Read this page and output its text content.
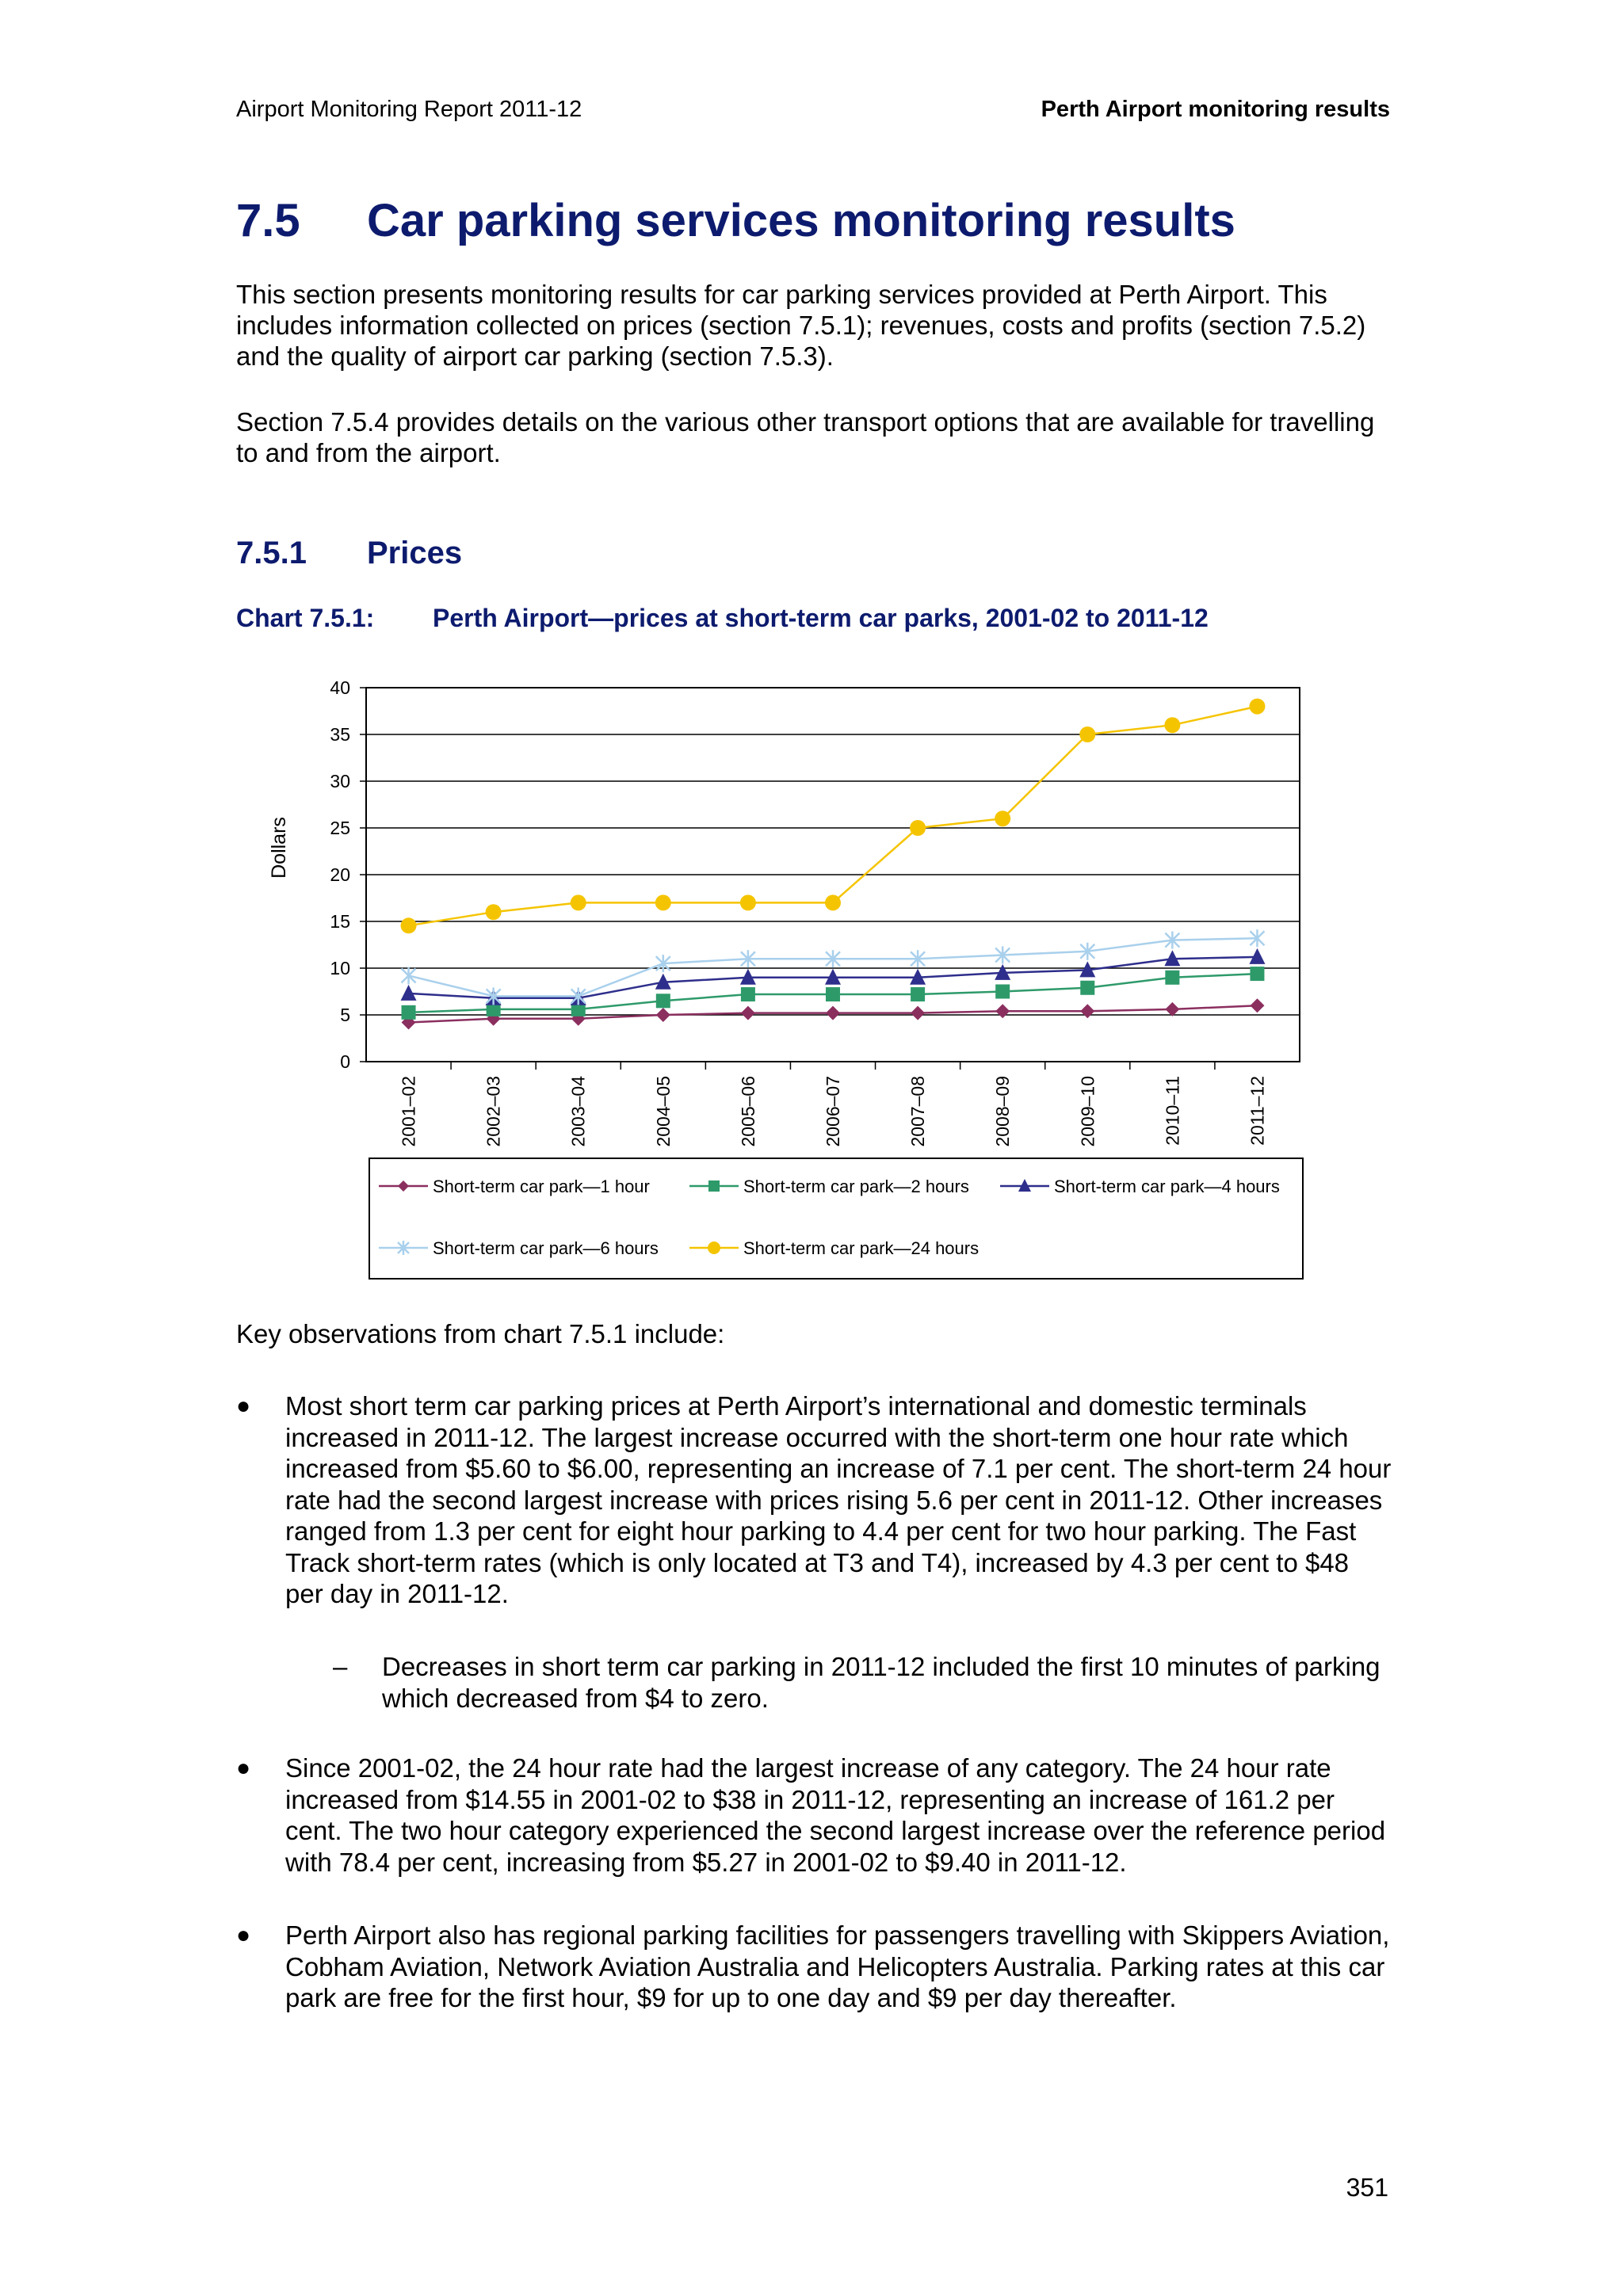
Airport Monitoring Report 2011-12	Perth Airport monitoring results
7.5	Car parking services monitoring results

This section presents monitoring results for car parking services provided at Perth Airport. This includes information collected on prices (section 7.5.1); revenues, costs and profits (section 7.5.2) and the quality of airport car parking (section 7.5.3).

Section 7.5.4 provides details on the various other transport options that are available for travelling to and from the airport.

7.5.1	Prices
Chart 7.5.1:	Perth Airport—prices at short-term car parks, 2001-02 to 2011-12
0
5
10
15
20
25
30
35
40
Dollars
2001–02	2002–03	2003–04	2004–05	2005–06	2006–07	2007–08	2008–09	2009–10	2010–11	2011–12
Short-term car park—1 hour	Short-term car park—2 hours	Short-term car park—4 hours
Short-term car park—6 hours	Short-term car park—24 hours

Key observations from chart 7.5.1 include:

●	Most short term car parking prices at Perth Airport’s international and domestic terminals increased in 2011-12. The largest increase occurred with the short-term one hour rate which increased from $5.60 to $6.00, representing an increase of 7.1 per cent. The short-term 24 hour rate had the second largest increase with prices rising 5.6 per cent in 2011-12. Other increases ranged from 1.3 per cent for eight hour parking to 4.4 per cent for two hour parking. The Fast Track short-term rates (which is only located at T3 and T4), increased by 4.3 per cent to $48 per day in 2011-12.

–	Decreases in short term car parking in 2011-12 included the first 10 minutes of parking which decreased from $4 to zero.

●	Since 2001-02, the 24 hour rate had the largest increase of any category. The 24 hour rate increased from $14.55 in 2001-02 to $38 in 2011-12, representing an increase of 161.2 per cent. The two hour category experienced the second largest increase over the reference period with 78.4 per cent, increasing from $5.27 in 2001-02 to $9.40 in 2011-12.

●	Perth Airport also has regional parking facilities for passengers travelling with Skippers Aviation, Cobham Aviation, Network Aviation Australia and Helicopters Australia. Parking rates at this car park are free for the first hour, $9 for up to one day and $9 per day thereafter.

351
